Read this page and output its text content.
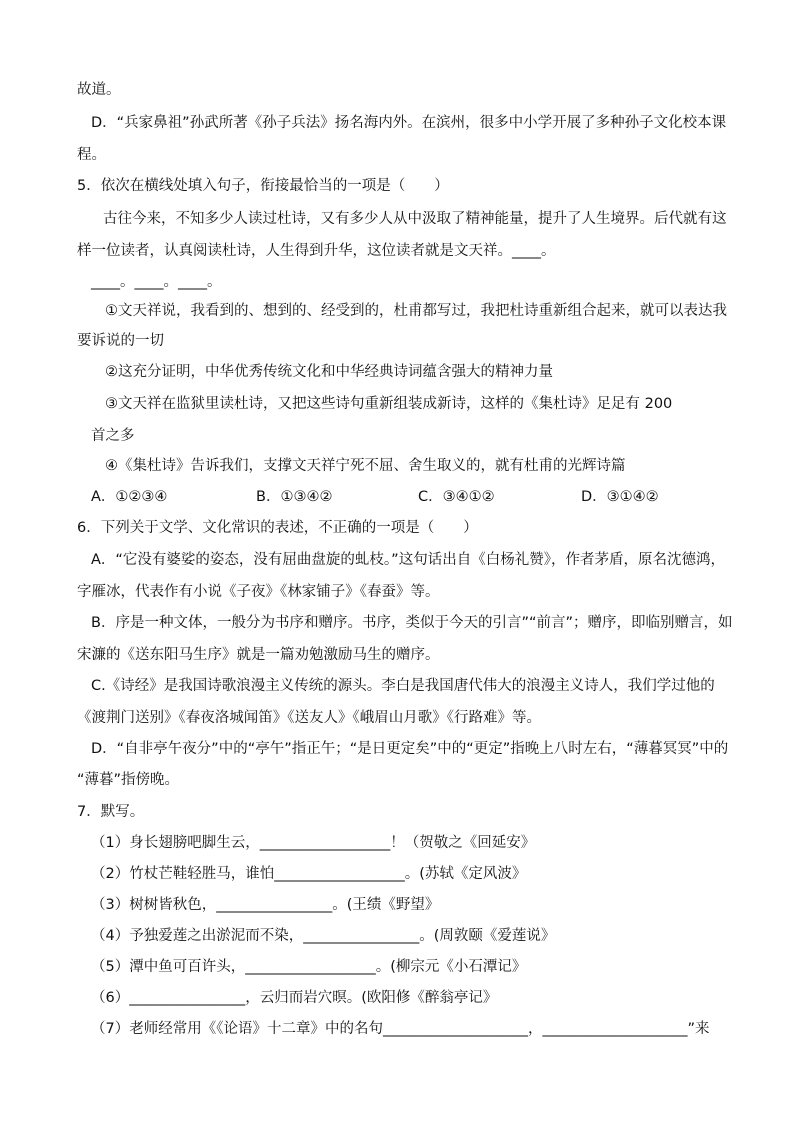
故道。
D．“兵家鼻祖”孙武所著《孙子兵法》扬名海内外。在滨州，很多中小学开展了多种孙子文化校本课
程。
5．依次在横线处填入句子，衔接最恰当的一项是（　　）
古往今来，不知多少人读过杜诗，又有多少人从中汲取了精神能量，提升了人生境界。后代就有这
样一位读者，认真阅读杜诗，人生得到升华，这位读者就是文天祥。____。
____。____。____。
①文天祥说，我看到的、想到的、经受到的，杜甫都写过，我把杜诗重新组合起来，就可以表达我
要诉说的一切
②这充分证明，中华优秀传统文化和中华经典诗词蕴含强大的精神力量
③文天祥在监狱里读杜诗，又把这些诗句重新组装成新诗，这样的《集杜诗》足足有 200
首之多
④《集杜诗》告诉我们，支撑文天祥宁死不屈、舍生取义的，就有杜甫的光辉诗篇
A．①②③④	B．①③④②	C．③④①②	D．③①④②
6．下列关于文学、文化常识的表述，不正确的一项是（　　）
A．“它没有婆娑的姿态，没有屈曲盘旋的虬枝。”这句话出自《白杨礼赞》，作者茅盾，原名沈德鸿，
字雁冰，代表作有小说《子夜》《林家铺子》《春蚕》等。
B．序是一种文体，一般分为书序和赠序。书序，类似于今天的引言”“前言”；赠序，即临别赠言，如
宋濂的《送东阳马生序》就是一篇劝勉激励马生的赠序。
C.《诗经》是我国诗歌浪漫主义传统的源头。李白是我国唐代伟大的浪漫主义诗人，我们学过他的
《渡荆门送别》《春夜洛城闻笛》《送友人》《峨眉山月歌》《行路难》等。
D．“自非亭午夜分”中的“亭午”指正午；“是日更定矣”中的“更定”指晚上八时左右，“薄暮冥冥”中的
“薄暮”指傍晚。
7．默写。
（1）身长翅膀吧脚生云，__________________！（贺敬之《回延安》
（2）竹杖芒鞋轻胜马，谁怕__________________。(苏轼《定风波》
（3）树树皆秋色，________________。(王绩《野望》
（4）予独爱莲之出淤泥而不染，________________。(周敦颐《爱莲说》
（5）潭中鱼可百许头，__________________。(柳宗元《小石潭记》
（6）________________，云归而岩穴暝。(欧阳修《醉翁亭记》
（7）老师经常用《《论语》十二章》中的名句____________________，____________________”来
